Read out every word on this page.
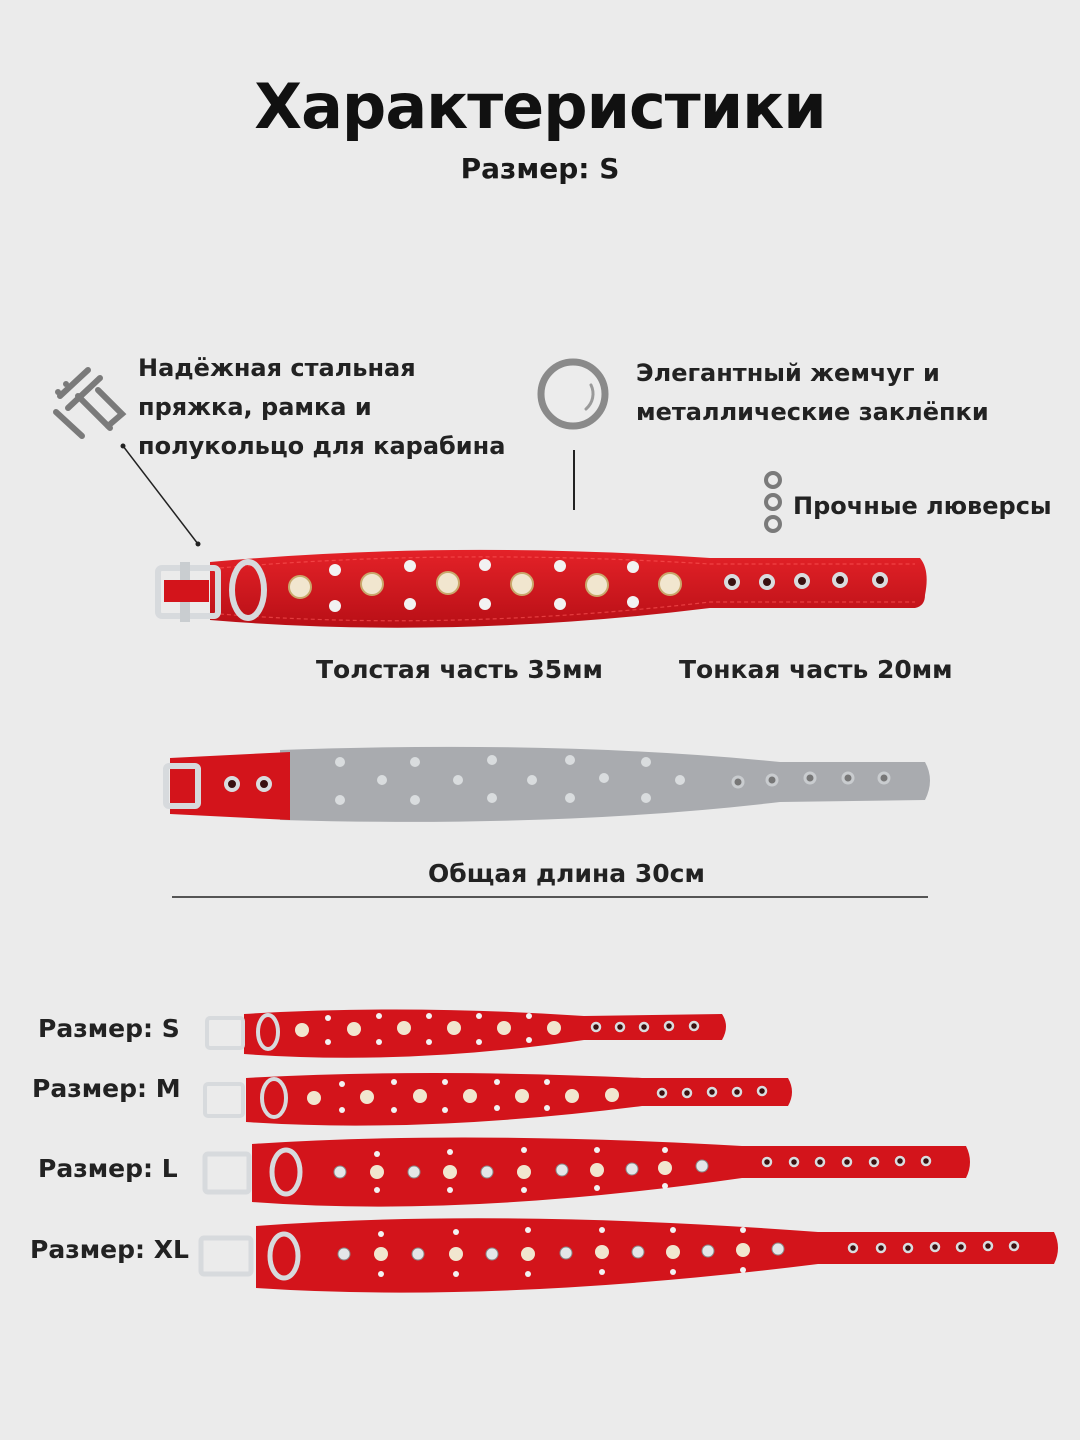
Характеристики
Размер: S
Надёжная стальная
пряжка, рамка и
полукольцо для карабина
Элегантный жемчуг и
металлические заклёпки
Прочные люверсы
Толстая часть 35мм	Тонкая часть 20мм
Общая длина 30см
Размер: S
Размер: M
Размер: L
Размер: XL
